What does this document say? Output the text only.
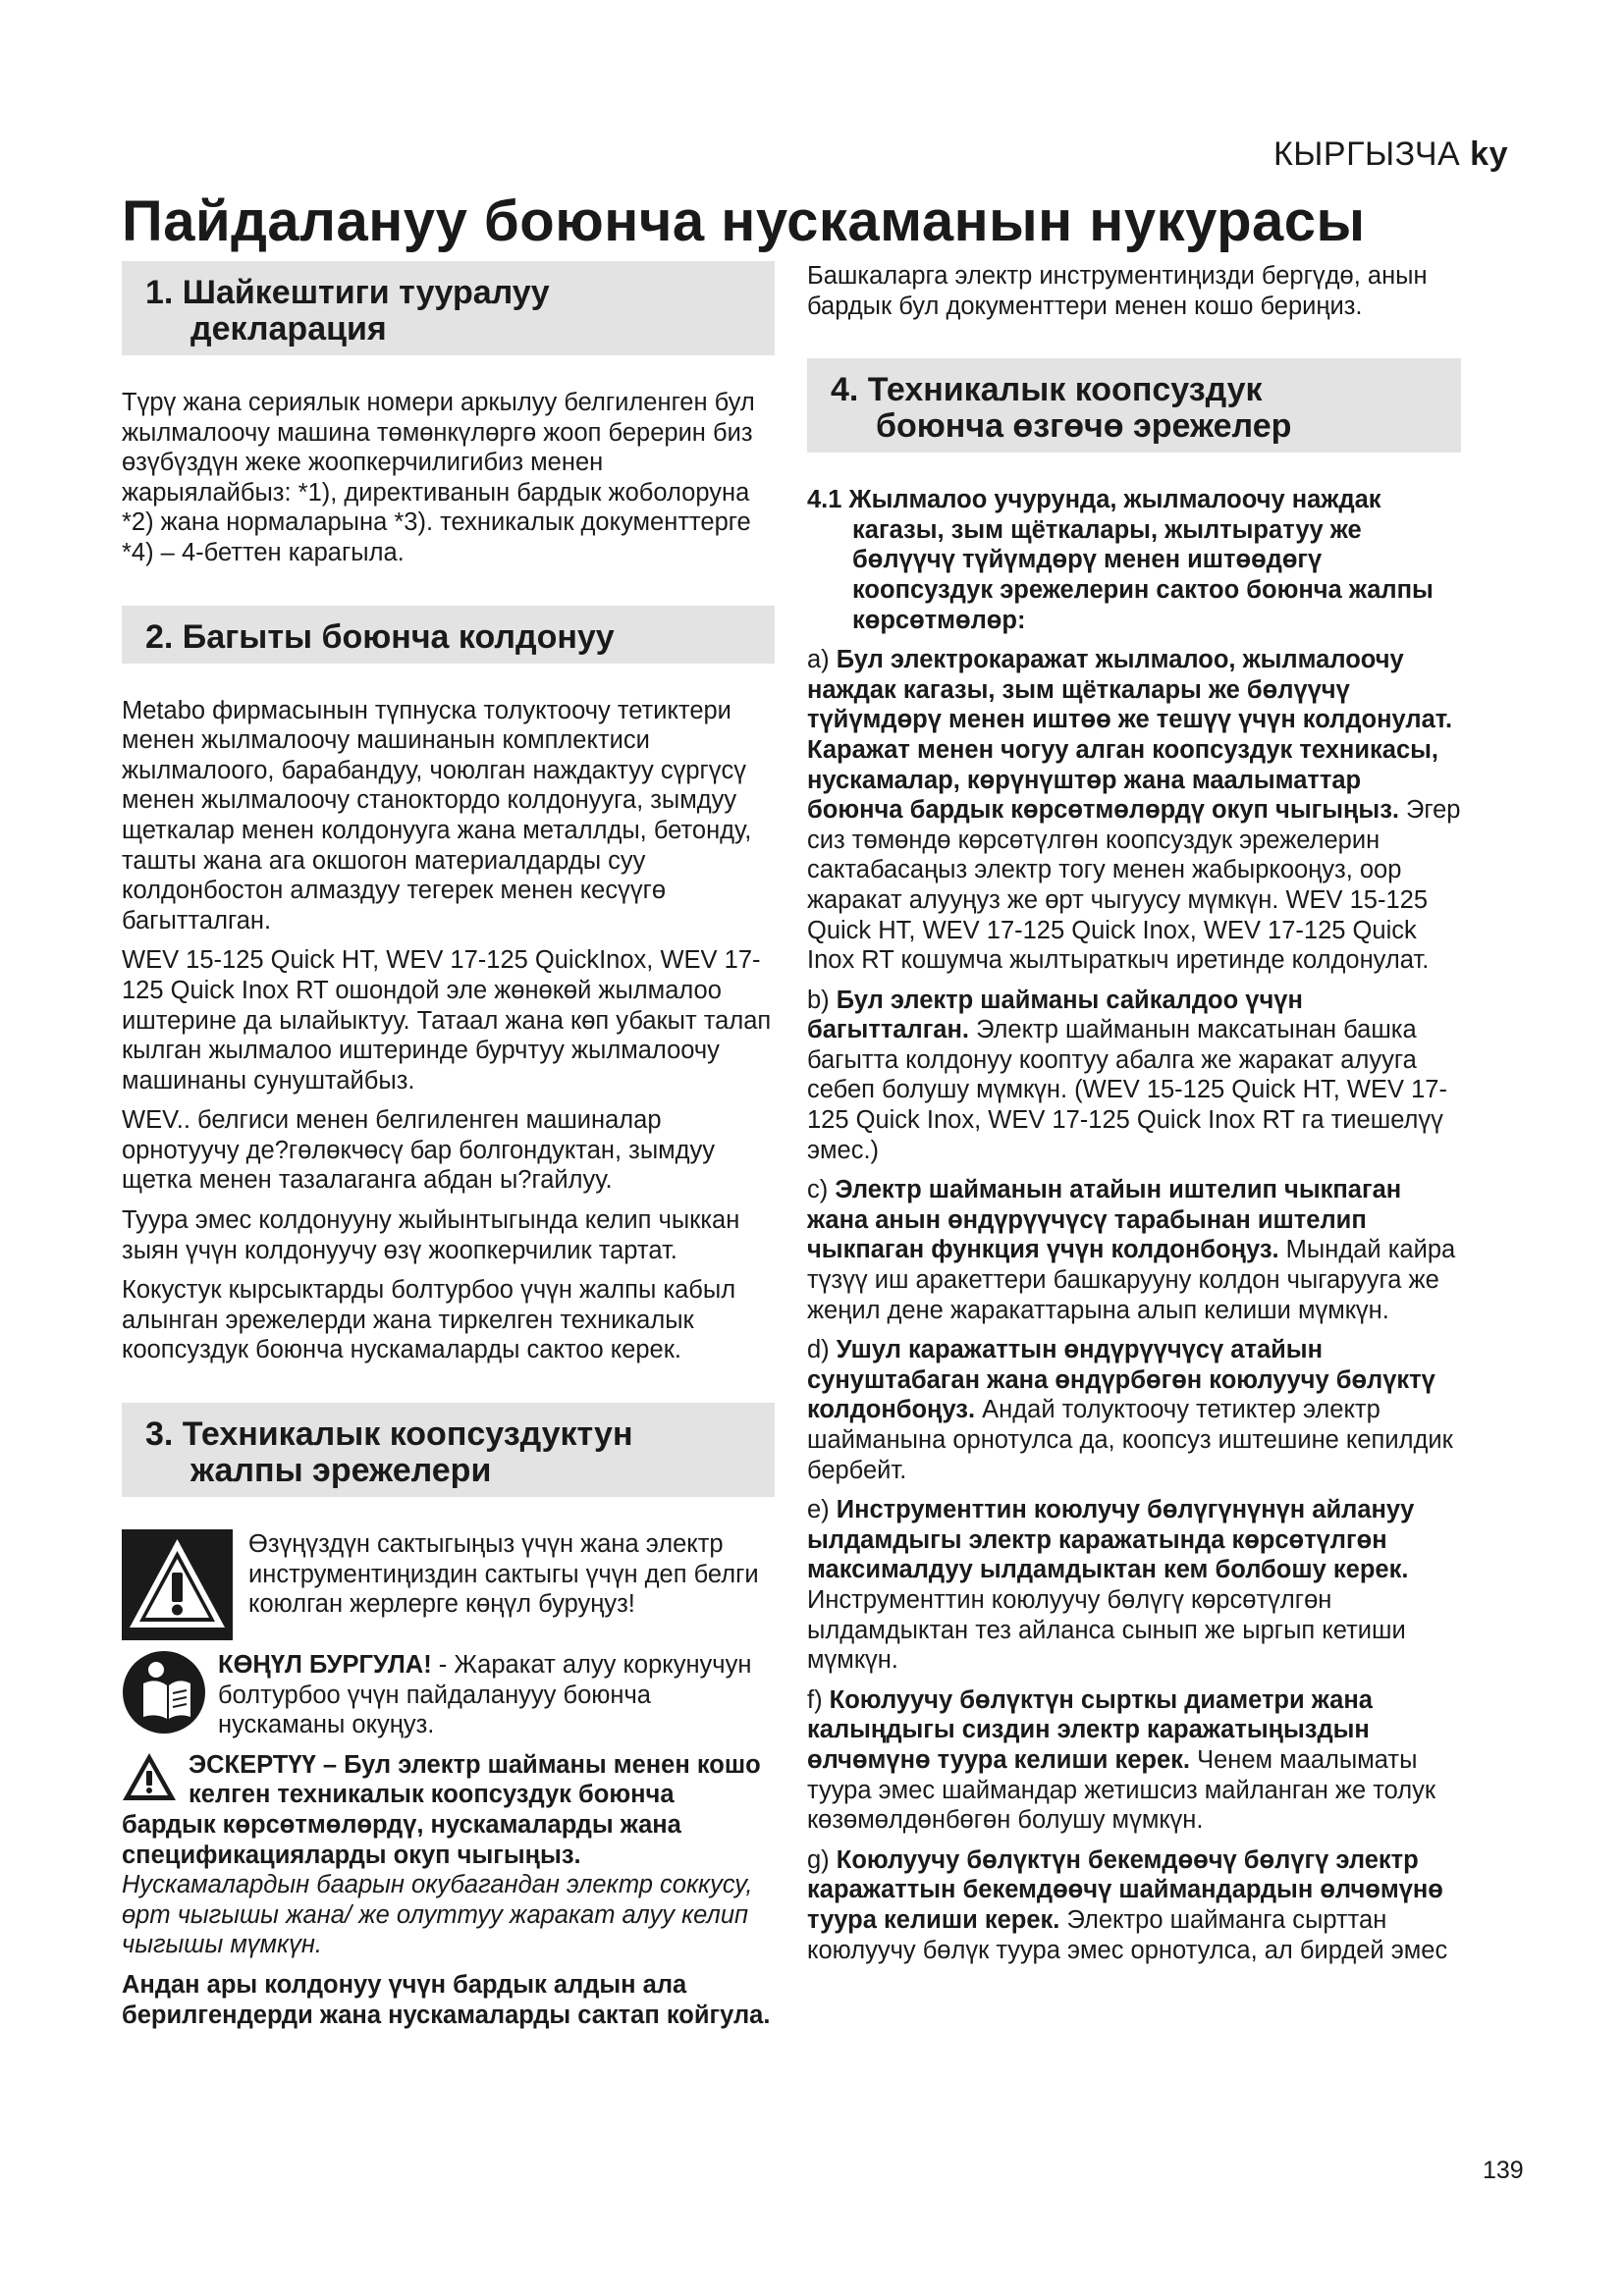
КЫРГЫЗЧА ky
Пайдалануу боюнча нускаманын нукурасы
1. Шайкештиги тууралуу
декларация

Түрү жана сериялык номери аркылуу белгиленген бул жылмалоочу машина төмөнкүлөргө жооп берерин биз өзүбүздүн жеке жоопкерчилигибиз менен жарыялайбыз: *1), директиванын бардык жоболоруна *2) жана нормаларына *3). техникалык документтерге *4) – 4-беттен карагыла.

2. Багыты боюнча колдонуу

Metabo фирмасынын түпнуска толуктоочу тетиктери менен жылмалоочу машинанын комплектиси жылмалоого, барабандуу, чоюлган наждактуу сүргүсү менен жылмалоочу станоктордо колдонууга, зымдуу щеткалар менен колдонууга жана металлды, бетонду, ташты жана ага окшогон материалдарды суу колдонбостон алмаздуу тегерек менен кесүүгө багытталган.

WEV 15-125 Quick HT, WEV 17-125 QuickInox, WEV 17-125 Quick Inox RT ошондой эле жөнөкөй жылмалоо иштерине да ылайыктуу. Татаал жана көп убакыт талап кылган жылмалоо иштеринде бурчтуу жылмалоочу машинаны сунуштайбыз.

WEV.. белгиси менен белгиленген машиналар орнотуучу де?гөлөкчөсү бар болгондуктан, зымдуу щетка менен тазалаганга абдан ы?гайлуу.

Туура эмес колдонууну жыйынтыгында келип чыккан зыян үчүн колдонуучу өзү жоопкерчилик тартат.

Кокустук кырсыктарды болтурбоо үчүн жалпы кабыл алынган эрежелерди жана тиркелген техникалык коопсуздук боюнча нускамаларды сактоо керек.

3. Техникалык коопсуздуктун
жалпы эрежелери
Өзүңүздүн сактыгыңыз үчүн жана электр инструментиңиздин сактыгы үчүн деп белги коюлган жерлерге көңүл буруңуз!
КӨҢҮЛ БУРГУЛА! - Жаракат алуу коркунучун болтурбоо үчүн пайдаланууу боюнча нускаманы окуңуз.
ЭСКЕРТҮҮ – Бул электр шайманы менен кошо келген техникалык коопсуздук боюнча бардык көрсөтмөлөрдү, нускамаларды жана спецификацияларды окуп чыгыңыз. Нускамалардын баарын окубагандан электр соккусу, өрт чыгышы жана/ же олуттуу жаракат алуу келип чыгышы мүмкүн.

Андан ары колдонуу үчүн бардык алдын ала берилгендерди жана нускамаларды сактап койгула.

Башкаларга электр инструментиңизди бергүдө, анын бардык бул документтери менен кошо бериңиз.

4. Техникалык коопсуздук
боюнча өзгөчө эрежелер
4.1 Жылмалоо учурунда, жылмалоочу наждак кагазы, зым щёткалары, жылтыратуу же бөлүүчү түйүмдөрү менен иштөөдөгү коопсуздук эрежелерин сактоо боюнча жалпы көрсөтмөлөр:

a) Бул электрокаражат жылмалоо, жылмалоочу наждак кагазы, зым щёткалары же бөлүүчү түйүмдөрү менен иштөө же тешүү үчүн колдонулат. Каражат менен чогуу алган коопсуздук техникасы, нускамалар, көрүнүштөр жана маалыматтар боюнча бардык көрсөтмөлөрдү окуп чыгыңыз. Эгер сиз төмөндө көрсөтүлгөн коопсуздук эрежелерин сактабасаңыз электр тогу менен жабыркооңуз, оор жаракат алууңуз же өрт чыгуусу мүмкүн. WEV 15-125 Quick HT, WEV 17-125 Quick Inox, WEV 17-125 Quick Inox RT кошумча жылтыраткыч иретинде колдонулат.

b) Бул электр шайманы сайкалдоо үчүн багытталган. Электр шайманын максатынан башка багытта колдонуу кооптуу абалга же жаракат алууга себеп болушу мүмкүн. (WEV 15-125 Quick HT, WEV 17-125 Quick Inox, WEV 17-125 Quick Inox RT га тиешелүү эмес.)

c) Электр шайманын атайын иштелип чыкпаган жана анын өндүрүүчүсү тарабынан иштелип чыкпаган функция үчүн колдонбоңуз. Мындай кайра түзүү иш аракеттери башкарууну колдон чыгарууга же жеңил дене жаракаттарына алып келиши мүмкүн.

d) Ушул каражаттын өндүрүүчүсү атайын сунуштабаган жана өндүрбөгөн коюлуучу бөлүктү колдонбоңуз. Андай толуктоочу тетиктер электр шайманына орнотулса да, коопсуз иштешине кепилдик бербейт.

e) Инструменттин коюлучу бөлүгүнүнүн айлануу ылдамдыгы электр каражатында көрсөтүлгөн максималдуу ылдамдыктан кем болбошу керек. Инструменттин коюлуучу бөлүгү көрсөтүлгөн ылдамдыктан тез айланса сынып же ыргып кетиши мүмкүн.

f) Коюлуучу бөлүктүн сырткы диаметри жана калыңдыгы сиздин электр каражатыңыздын өлчөмүнө туура келиши керек. Ченем маалыматы туура эмес шаймандар жетишсиз майланган же толук көзөмөлдөнбөгөн болушу мүмкүн.

g) Коюлуучу бөлүктүн бекемдөөчү бөлүгү электр каражаттын бекемдөөчү шаймандардын өлчөмүнө туура келиши керек. Электро шайманга сырттан коюлуучу бөлүк туура эмес орнотулса, ал бирдей эмес

139
